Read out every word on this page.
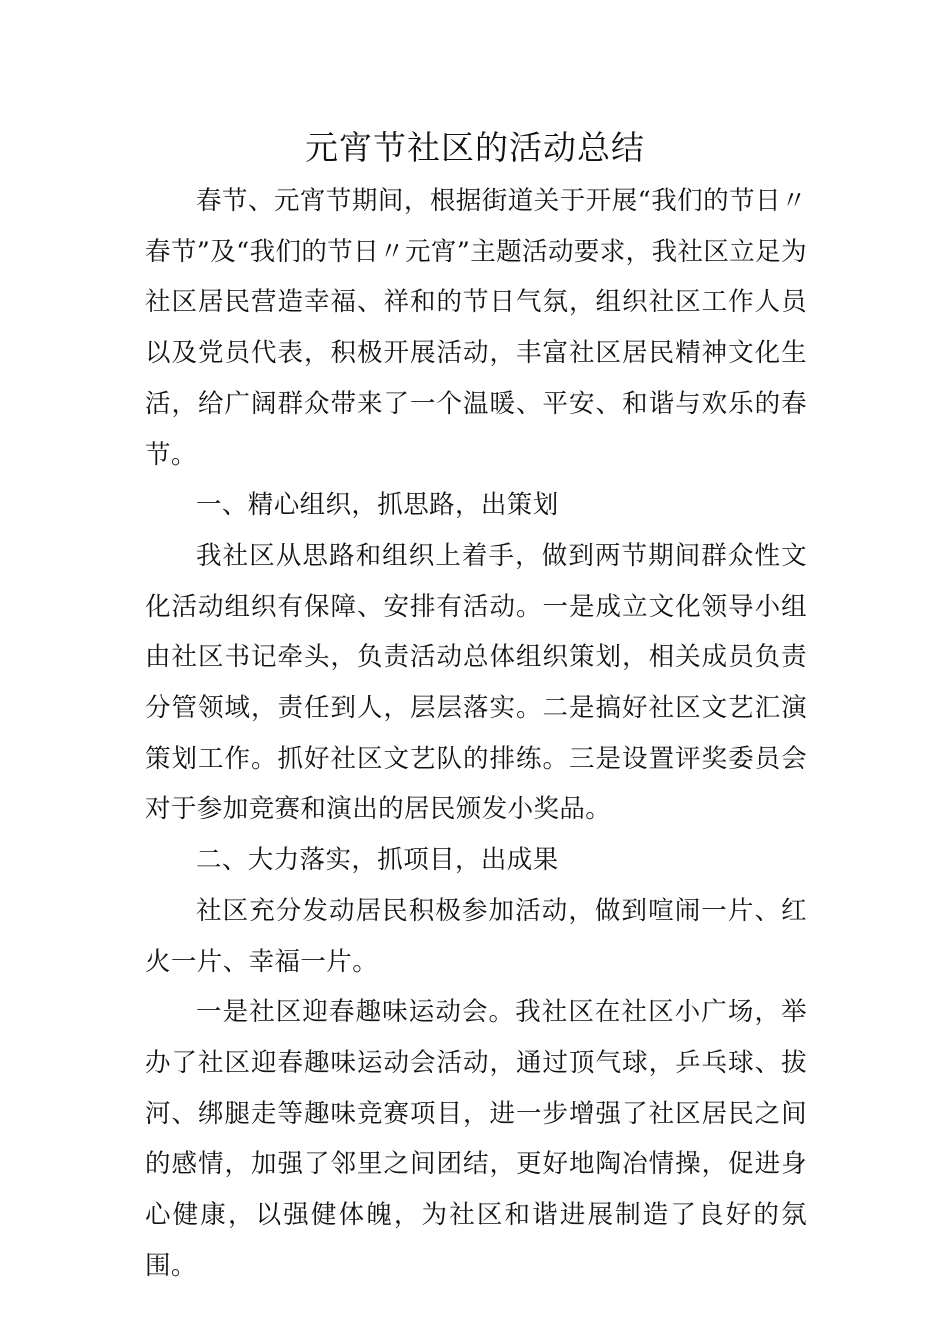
元宵节社区的活动总结

春节、元宵节期间，根据街道关于开展“我们的节日〃春节”及“我们的节日〃元宵”主题活动要求，我社区立足为社区居民营造幸福、祥和的节日气氛，组织社区工作人员以及党员代表，积极开展活动，丰富社区居民精神文化生活，给广阔群众带来了一个温暖、平安、和谐与欢乐的春节。

一、精心组织，抓思路，出策划

我社区从思路和组织上着手，做到两节期间群众性文化活动组织有保障、安排有活动。一是成立文化领导小组由社区书记牵头，负责活动总体组织策划，相关成员负责分管领域，责任到人，层层落实。二是搞好社区文艺汇演策划工作。抓好社区文艺队的排练。三是设置评奖委员会对于参加竞赛和演出的居民颁发小奖品。

二、大力落实，抓项目，出成果

社区充分发动居民积极参加活动，做到喧闹一片、红火一片、幸福一片。

一是社区迎春趣味运动会。我社区在社区小广场，举办了社区迎春趣味运动会活动，通过顶气球，乒乓球、拔河、绑腿走等趣味竞赛项目，进一步增强了社区居民之间的感情，加强了邻里之间团结，更好地陶冶情操，促进身心健康，以强健体魄，为社区和谐进展制造了良好的氛围。
